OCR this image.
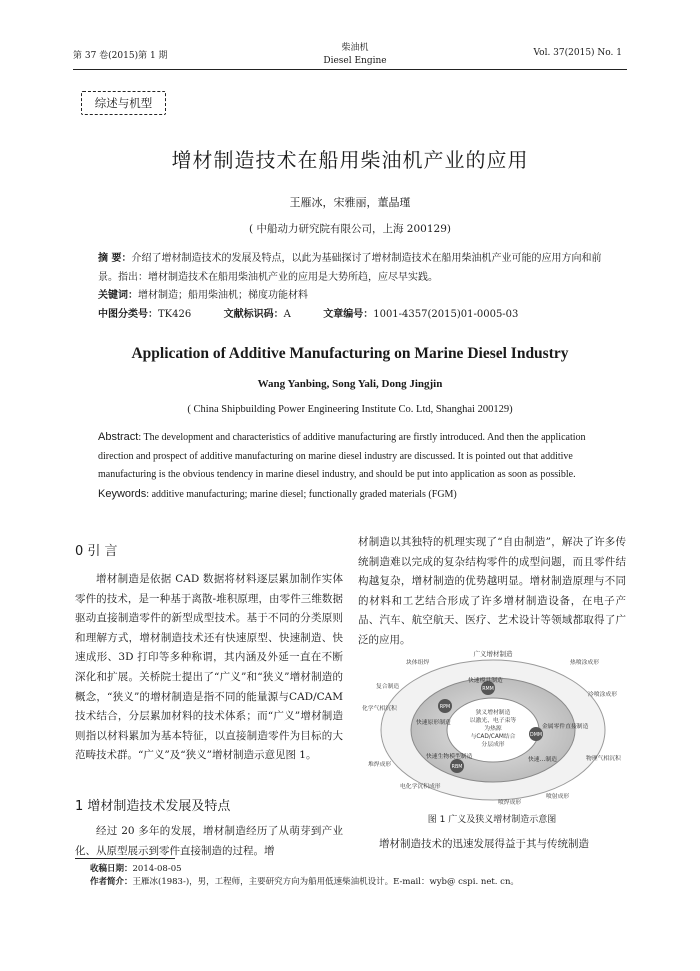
第 37 卷(2015)第 1 期
柴油机
Diesel Engine
Vol. 37(2015) No. 1
综述与机型
增材制造技术在船用柴油机产业的应用
王雁冰，宋雅丽，董晶瑾
( 中船动力研究院有限公司，上海 200129)

摘 要：介绍了增材制造技术的发展及特点，以此为基础探讨了增材制造技术在船用柴油机产业可能的应用方向和前景。指出：增材制造技术在船用柴油机产业的应用是大势所趋，应尽早实践。

关键词：增材制造；船用柴油机；梯度功能材料

中图分类号：TK426	文献标识码：A	文章编号：1001-4357(2015)01-0005-03

Application of Additive Manufacturing on Marine Diesel Industry
Wang Yanbing, Song Yali, Dong Jingjin
( China Shipbuilding Power Engineering Institute Co. Ltd, Shanghai 200129)

Abstract: The development and characteristics of additive manufacturing are firstly introduced. And then the application direction and prospect of additive manufacturing on marine diesel industry are discussed. It is pointed out that additive manufacturing is the obvious tendency in marine diesel industry, and should be put into application as soon as possible.

Keywords: additive manufacturing; marine diesel; functionally graded materials (FGM)

0 引 言

增材制造是依据 CAD 数据将材料逐层累加制作实体零件的技术，是一种基于离散-堆积原理，由零件三维数据驱动直接制造零件的新型成型技术。基于不同的分类原则和理解方式，增材制造技术还有快速原型、快速制造、快速成形、3D 打印等多种称谓，其内涵及外延一直在不断深化和扩展。关桥院士提出了“广义”和“狭义”增材制造的概念，“狭义”的增材制造是指不同的能量源与CAD/CAM 技术结合，分层累加材料的技术体系；而“广义”增材制造则指以材料累加为基本特征，以直接制造零件为目标的大范畴技术群。“广义”及“狭义”增材制造示意见图 1。

1 增材制造技术发展及特点

经过 20 多年的发展，增材制造经历了从萌芽到产业化、从原型展示到零件直接制造的过程。增

材制造以其独特的机理实现了“自由制造”，解决了许多传统制造难以完成的复杂结构零件的成型问题，而且零件结构越复杂，增材制造的优势越明显。增材制造原理与不同的材料和工艺结合形成了许多增材制造设备，在电子产品、汽车、航空航天、医疗、艺术设计等领域都取得了广泛的应用。

广义增材制造
狭义增材制造
以激光、电子束等
为热源
与CAD/CAM结合
分层成形
RPM
RMM
DMM
RBM
快速模具制造
快速原形制造
金属零件直接制造
快速生物模型制造	快速…制造
热喷涂成形
冷喷涂成形
物理气相沉积
喷射成形
喷焊成形
电化学沉积成形
堆焊成形
化学气相沉积
复合制造
块体组焊
图 1 广义及狭义增材制造示意图

增材制造技术的迅速发展得益于其与传统制造

收稿日期：2014-08-05
作者简介：王雁冰(1983-)，男，工程师，主要研究方向为船用低速柴油机设计。E-mail：wyb@ cspi. net. cn。
